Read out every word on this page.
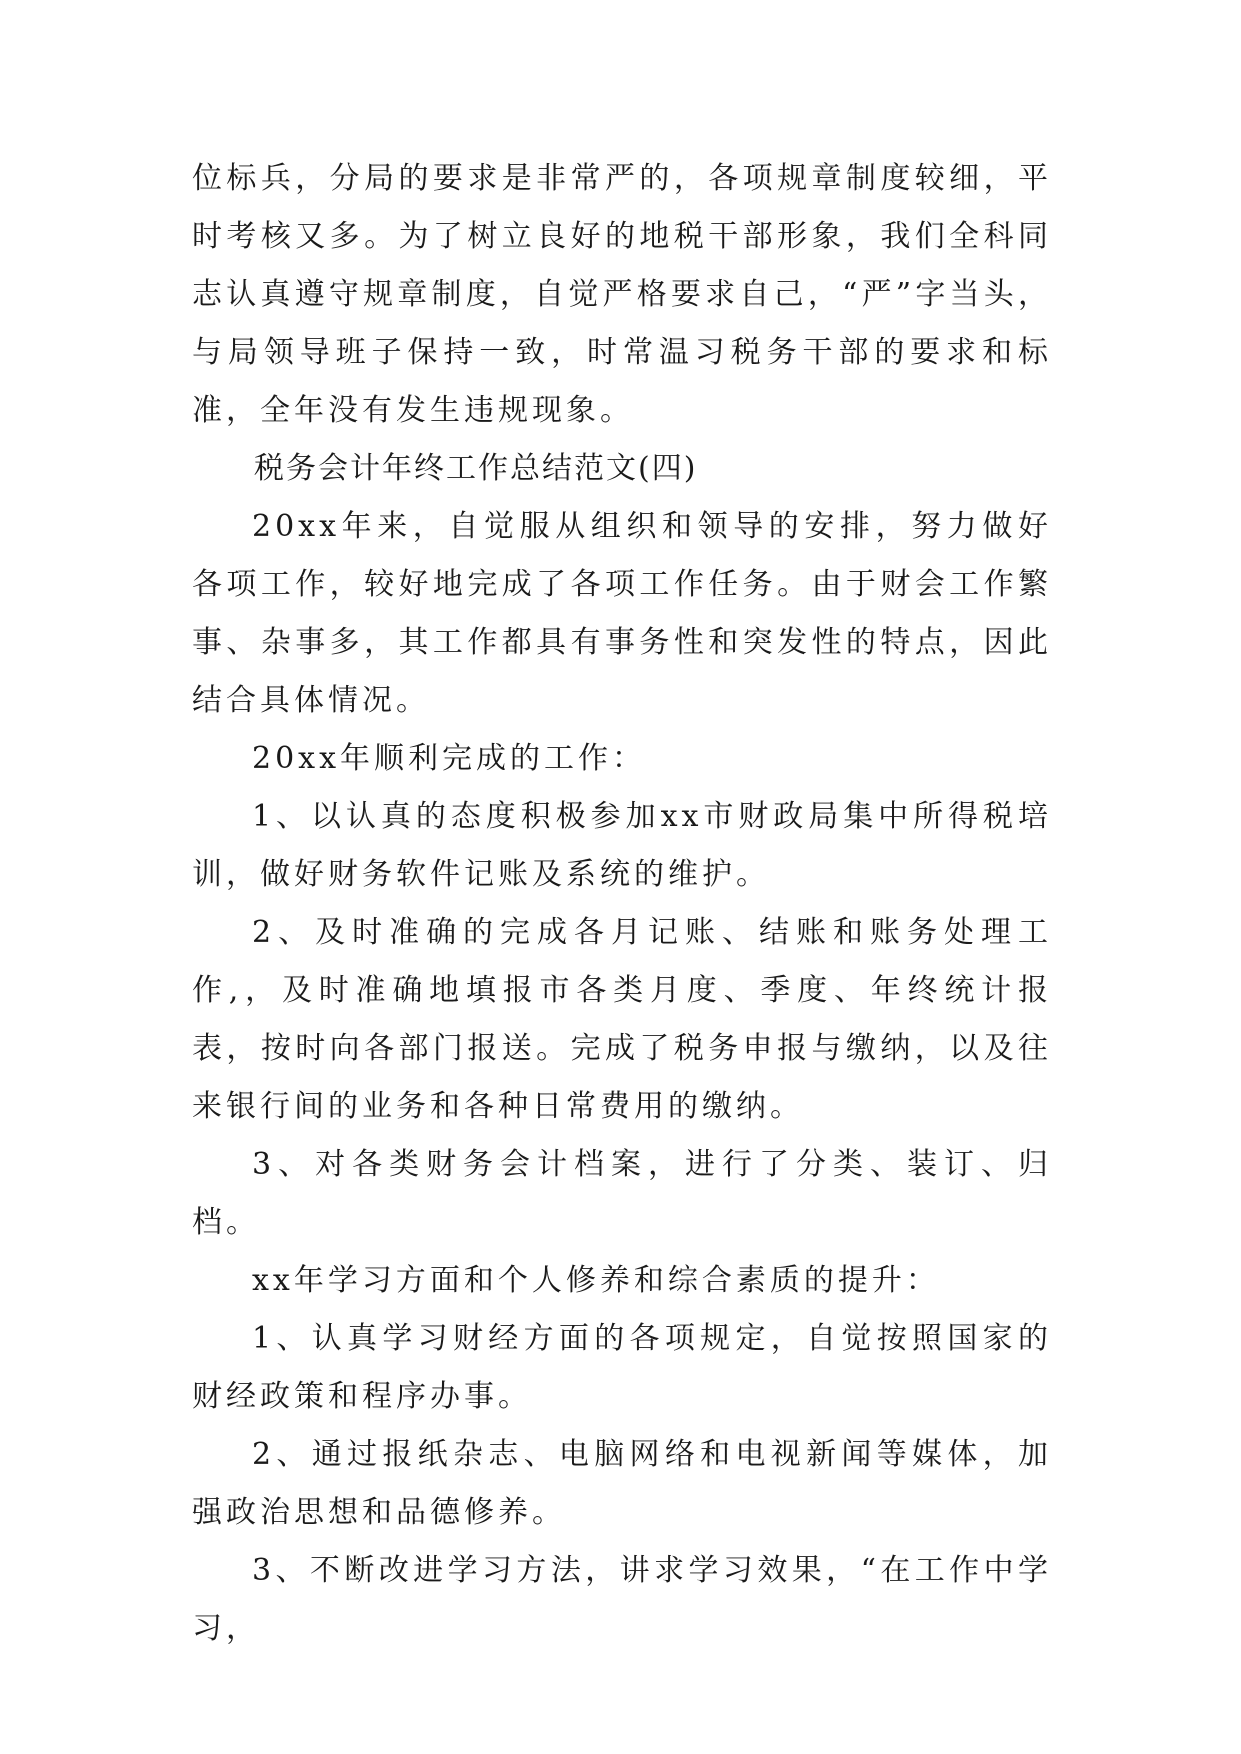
位标兵，分局的要求是非常严的，各项规章制度较细，平时考核又多。为了树立良好的地税干部形象，我们全科同志认真遵守规章制度，自觉严格要求自己，“严”字当头，与局领导班子保持一致，时常温习税务干部的要求和标准，全年没有发生违规现象。

税务会计年终工作总结范文(四)

20xx年来，自觉服从组织和领导的安排，努力做好各项工作，较好地完成了各项工作任务。由于财会工作繁事、杂事多，其工作都具有事务性和突发性的特点，因此结合具体情况。

20xx年顺利完成的工作：

1、以认真的态度积极参加xx市财政局集中所得税培训，做好财务软件记账及系统的维护。

2、及时准确的完成各月记账、结账和账务处理工作,，及时准确地填报市各类月度、季度、年终统计报表，按时向各部门报送。完成了税务申报与缴纳，以及往来银行间的业务和各种日常费用的缴纳。

3、对各类财务会计档案，进行了分类、装订、归档。

xx年学习方面和个人修养和综合素质的提升：

1、认真学习财经方面的各项规定，自觉按照国家的财经政策和程序办事。

2、通过报纸杂志、电脑网络和电视新闻等媒体，加强政治思想和品德修养。

3、不断改进学习方法，讲求学习效果，“在工作中学习，
